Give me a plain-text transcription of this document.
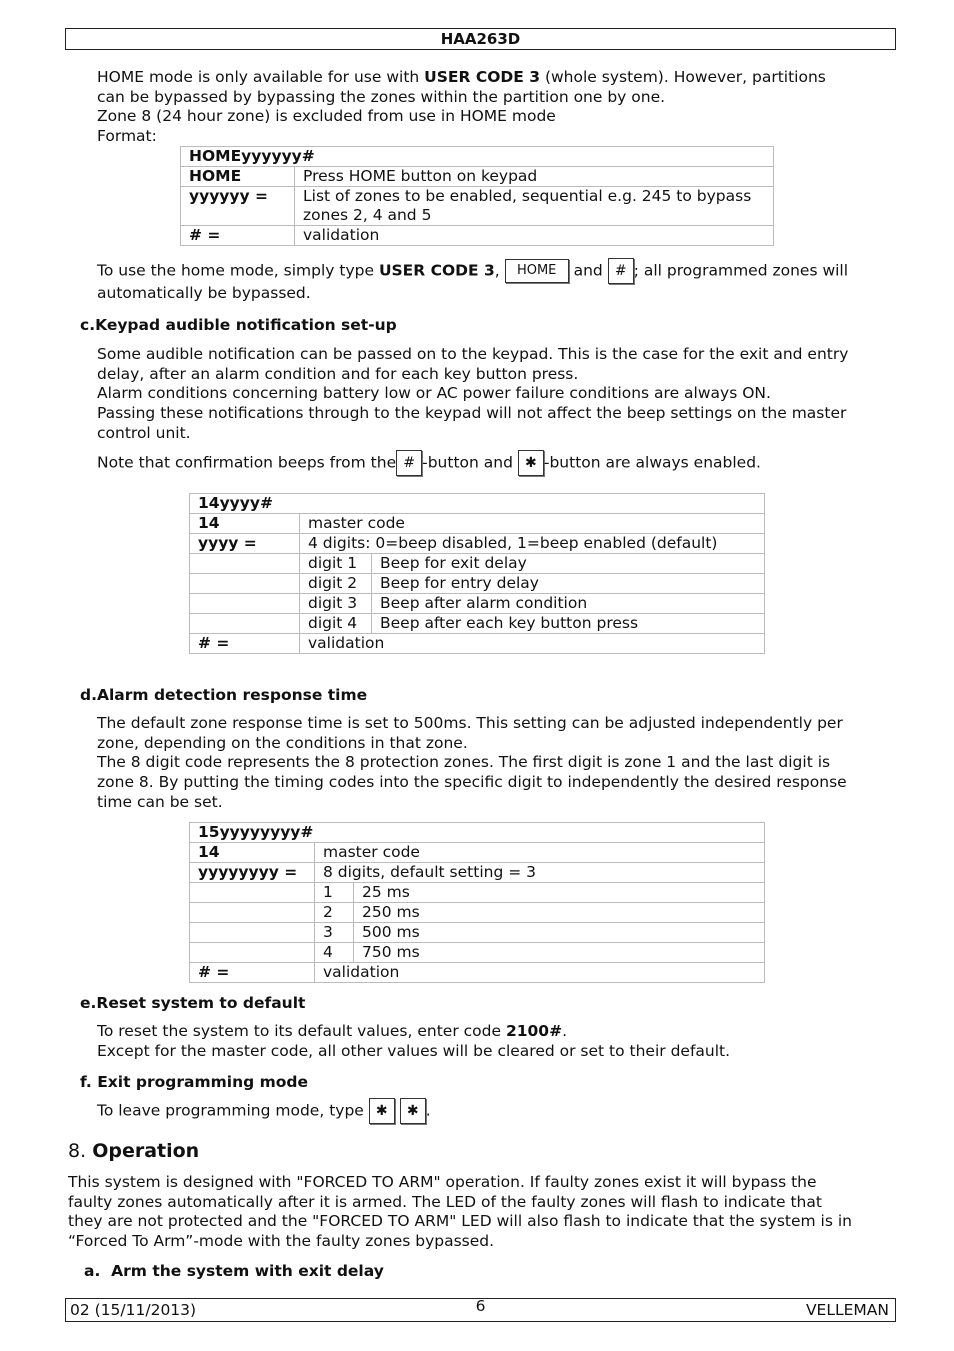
HAA263D
HOME mode is only available for use with USER CODE 3 (whole system). However, partitions
can be bypassed by bypassing the zones within the partition one by one.
Zone 8 (24 hour zone) is excluded from use in HOME mode
Format:
HOMEyyyyyy#	
HOME	Press HOME button on keypad
yyyyyy =	List of zones to be enabled, sequential e.g. 245 to bypass zones 2, 4 and 5
# =	validation
To use the home mode, simply type USER CODE 3, HOME and # ; all programmed zones will
automatically be bypassed.
c.Keypad audible notification set-up
Some audible notification can be passed on to the keypad. This is the case for the exit and entry
delay, after an alarm condition and for each key button press.
Alarm conditions concerning battery low or AC power failure conditions are always ON.
Passing these notifications through to the keypad will not affect the beep settings on the master
control unit.
Note that confirmation beeps from the # -button and ✱ -button are always enabled.
14yyyy#		
14	master code	
yyyy =	4 digits: 0=beep disabled, 1=beep enabled (default)	
	digit 1	Beep for exit delay
	digit 2	Beep for entry delay
	digit 3	Beep after alarm condition
	digit 4	Beep after each key button press
# =	validation	
d.Alarm detection response time
The default zone response time is set to 500ms. This setting can be adjusted independently per
zone, depending on the conditions in that zone.
The 8 digit code represents the 8 protection zones. The first digit is zone 1 and the last digit is
zone 8. By putting the timing codes into the specific digit to independently the desired response
time can be set.
15yyyyyyyy#		
14	master code	
yyyyyyyy =	8 digits, default setting = 3	
	1	25 ms
	2	250 ms
	3	500 ms
	4	750 ms
# =	validation	
e.Reset system to default
To reset the system to its default values, enter code 2100#.
Except for the master code, all other values will be cleared or set to their default.
f. Exit programming mode
To leave programming mode, type ✱ ✱ .
8. Operation
This system is designed with "FORCED TO ARM" operation. If faulty zones exist it will bypass the
faulty zones automatically after it is armed. The LED of the faulty zones will flash to indicate that
they are not protected and the "FORCED TO ARM" LED will also flash to indicate that the system is in
“Forced To Arm”-mode with the faulty zones bypassed.
a. Arm the system with exit delay
02 (15/11/2013)	6	VELLEMAN
